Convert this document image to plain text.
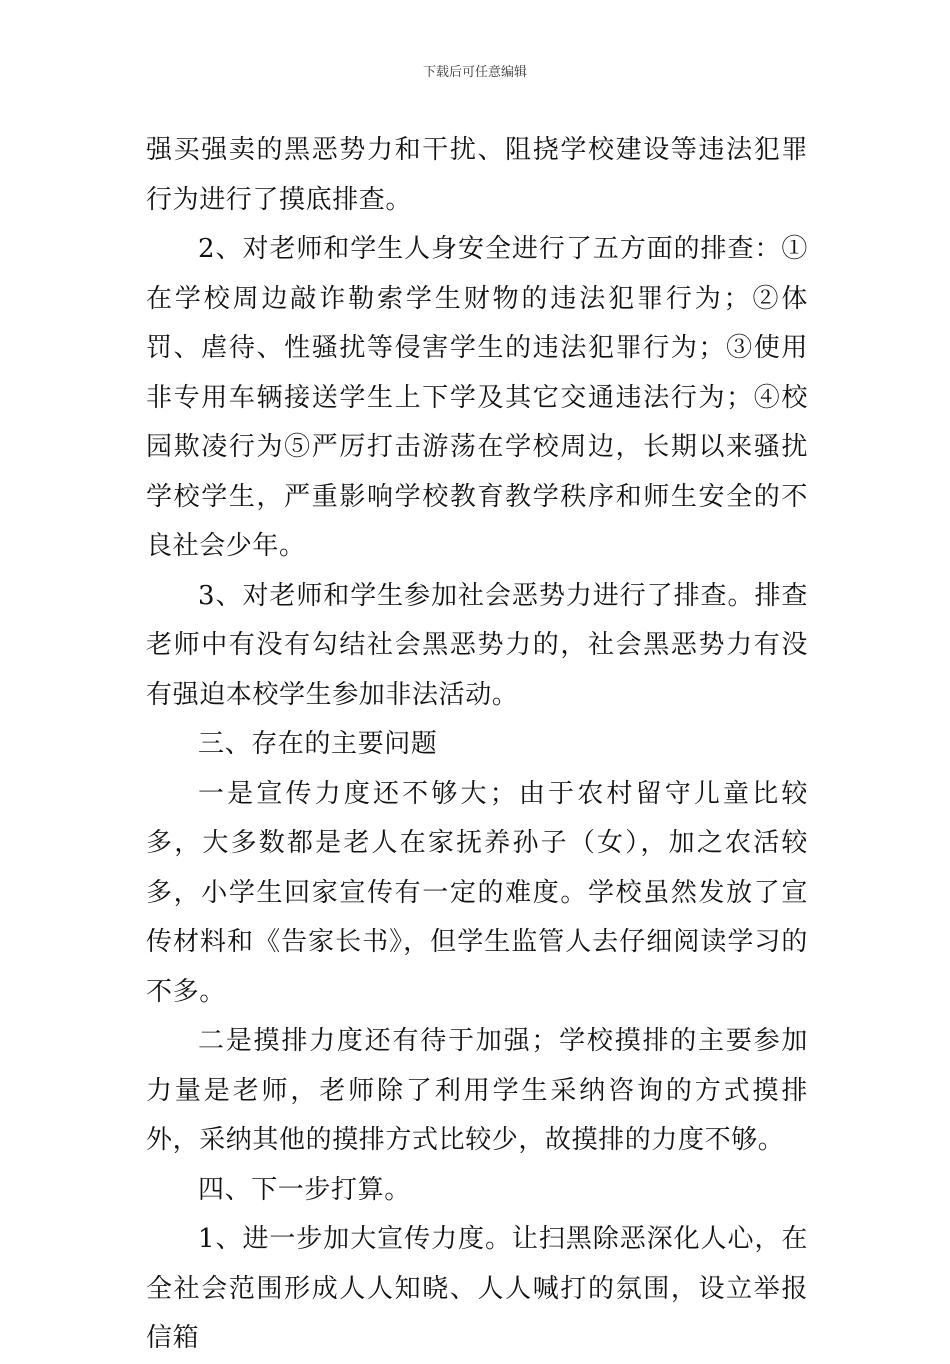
下载后可任意编辑

强买强卖的黑恶势力和干扰、阻挠学校建设等违法犯罪行为进行了摸底排查。

2、对老师和学生人身安全进行了五方面的排查：①在学校周边敲诈勒索学生财物的违法犯罪行为；②体罚、虐待、性骚扰等侵害学生的违法犯罪行为；③使用非专用车辆接送学生上下学及其它交通违法行为；④校园欺凌行为⑤严厉打击游荡在学校周边，长期以来骚扰学校学生，严重影响学校教育教学秩序和师生安全的不良社会少年。

3、对老师和学生参加社会恶势力进行了排查。排查老师中有没有勾结社会黑恶势力的，社会黑恶势力有没有强迫本校学生参加非法活动。

三、存在的主要问题

一是宣传力度还不够大；由于农村留守儿童比较多，大多数都是老人在家抚养孙子（女），加之农活较多，小学生回家宣传有一定的难度。学校虽然发放了宣传材料和《告家长书》，但学生监管人去仔细阅读学习的不多。

二是摸排力度还有待于加强；学校摸排的主要参加力量是老师，老师除了利用学生采纳咨询的方式摸排外，采纳其他的摸排方式比较少，故摸排的力度不够。

四、下一步打算。

1、进一步加大宣传力度。让扫黑除恶深化人心，在全社会范围形成人人知晓、人人喊打的氛围，设立举报信箱
